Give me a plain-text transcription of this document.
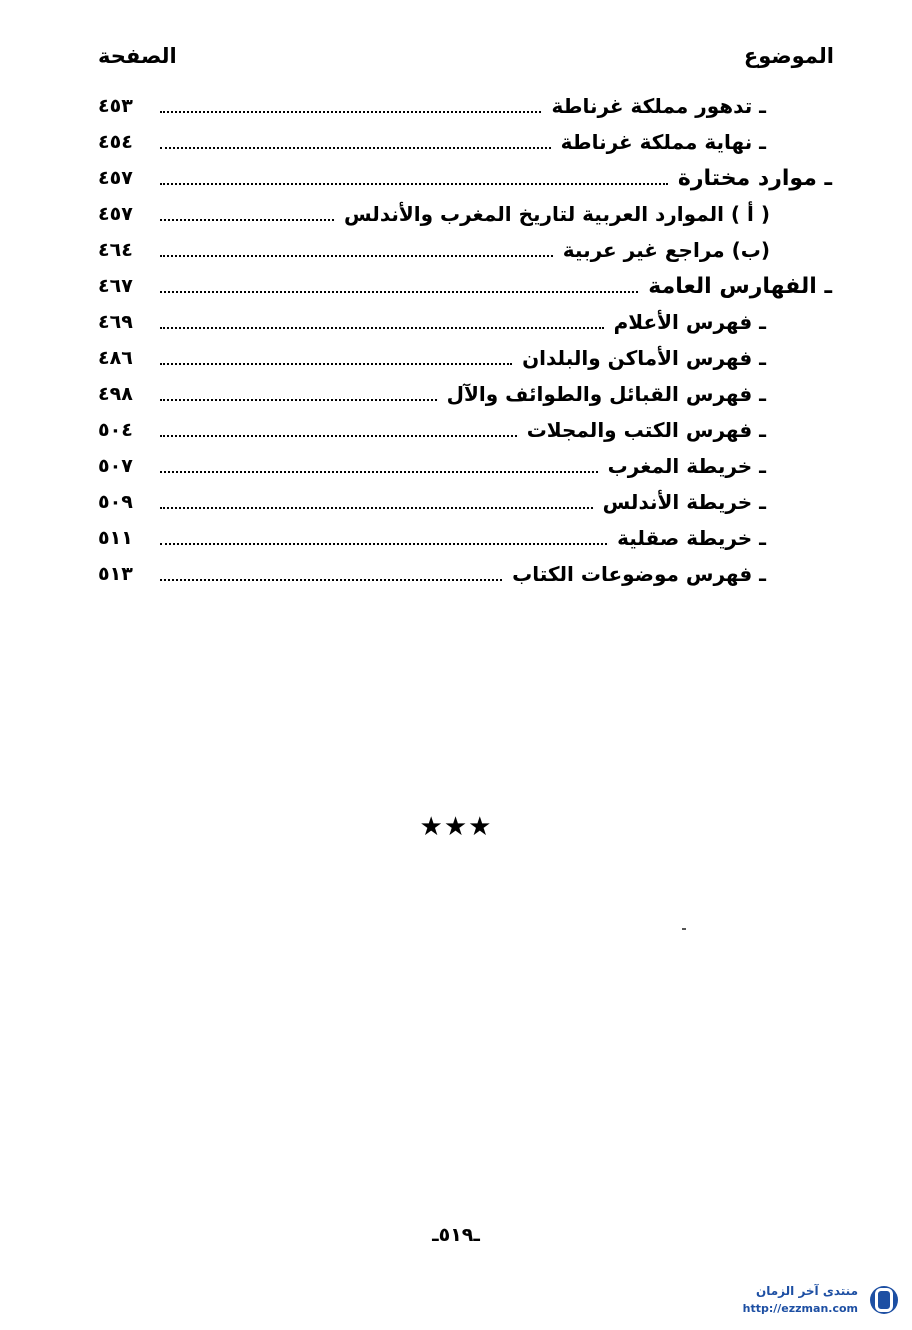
الموضوع
الصفحة
ـ تدهور مملكة غرناطة
٤٥٣
ـ نهاية مملكة غرناطة
٤٥٤
ـ موارد مختارة
٤٥٧
( أ ) الموارد العربية لتاريخ المغرب والأندلس
٤٥٧
(ب) مراجع غير عربية
٤٦٤
ـ الفهارس العامة
٤٦٧
ـ فهرس الأعلام
٤٦٩
ـ فهرس الأماكن والبلدان
٤٨٦
ـ فهرس القبائل والطوائف والآل
٤٩٨
ـ فهرس الكتب والمجلات
٥٠٤
ـ خريطة المغرب
٥٠٧
ـ خريطة الأندلس
٥٠٩
ـ خريطة صقلية
٥١١
ـ فهرس موضوعات الكتاب
٥١٣
★★★
ـ٥١٩ـ
منتدى آخر الزمان
http://ezzman.com
